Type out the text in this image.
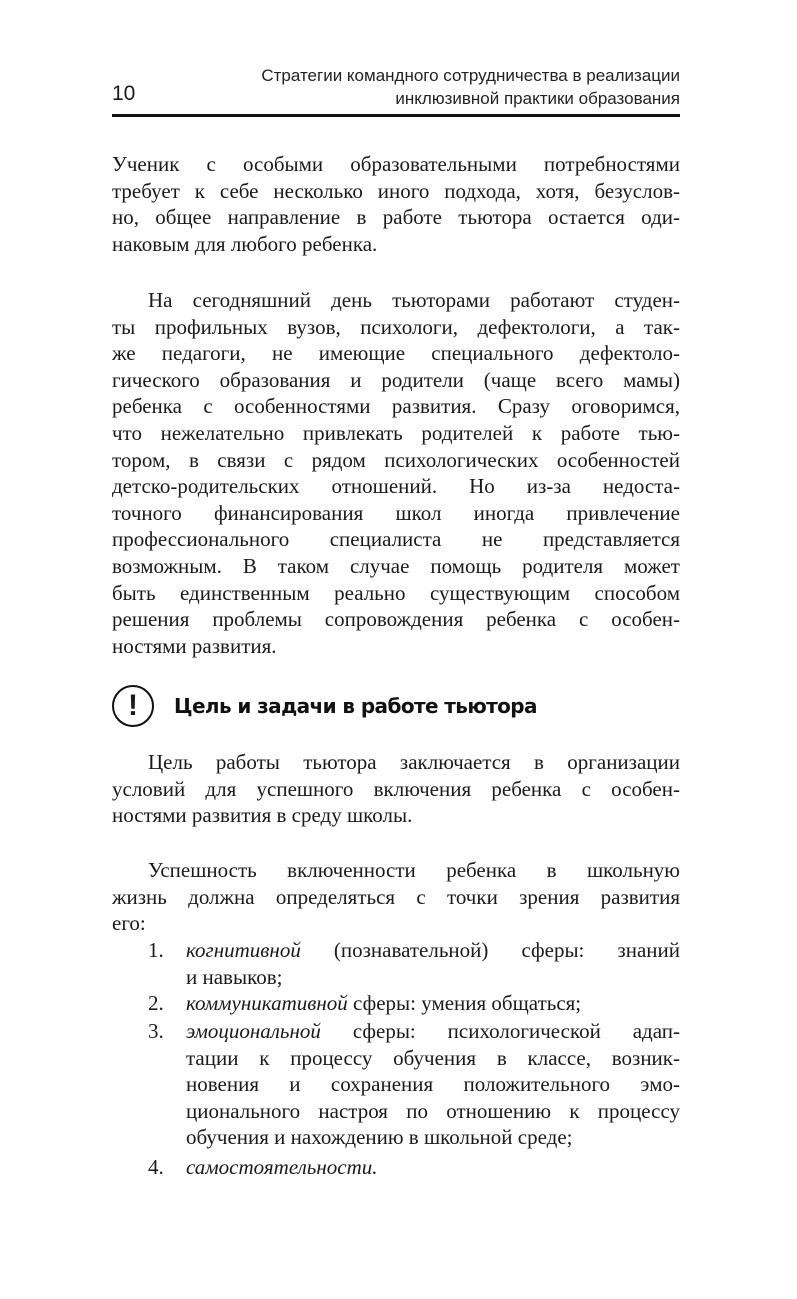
10
Стратегии командного сотрудничества в реализации
инклюзивной практики образования
Ученик с особыми образовательными потребностями
требует к себе несколько иного подхода, хотя, безуслов-
но, общее направление в работе тьютора остается оди-
наковым для любого ребенка.
На сегодняшний день тьюторами работают студен-
ты профильных вузов, психологи, дефектологи, а так-
же педагоги, не имеющие специального дефектоло-
гического образования и родители (чаще всего мамы)
ребенка с особенностями развития. Сразу оговоримся,
что нежелательно привлекать родителей к работе тью-
тором, в связи с рядом психологических особенностей
детско-родительских отношений. Но из-за недоста-
точного финансирования школ иногда привлечение
профессионального специалиста не представляется
возможным. В таком случае помощь родителя может
быть единственным реально существующим способом
решения проблемы сопровождения ребенка с особен-
ностями развития.
!	Цель и задачи в работе тьютора
Цель работы тьютора заключается в организации
условий для успешного включения ребенка с особен-
ностями развития в среду школы.
Успешность включенности ребенка в школьную
жизнь должна определяться с точки зрения развития
его:
1. когнитивной (познавательной) сферы: знаний
и навыков;
2. коммуникативной сферы: умения общаться;
3. эмоциональной сферы: психологической адап-
тации к процессу обучения в классе, возник-
новения и сохранения положительного эмо-
ционального настроя по отношению к процессу
обучения и нахождению в школьной среде;
4. самостоятельности.
